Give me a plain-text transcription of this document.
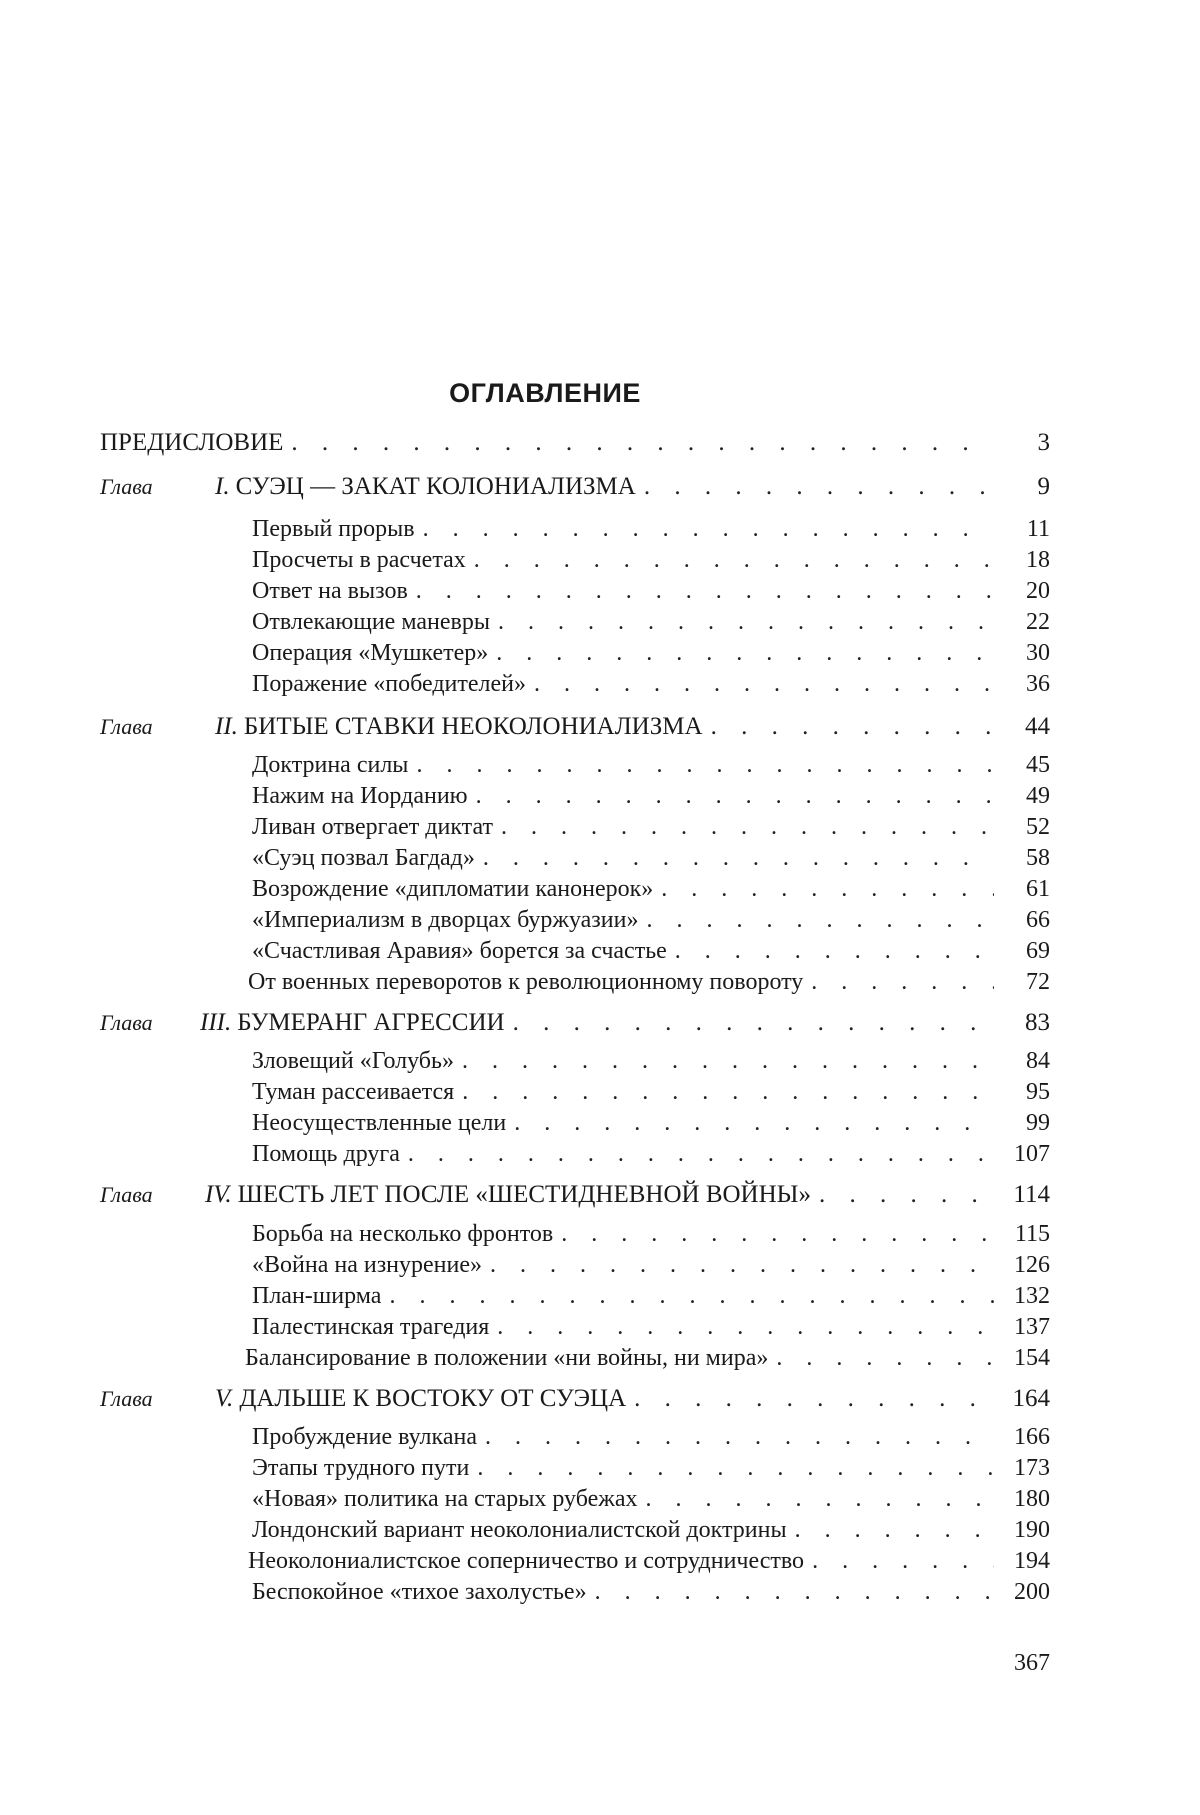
ОГЛАВЛЕНИЕ
ПРЕДИСЛОВИЕ . . .	3
Глава I. СУЭЦ — ЗАКАТ КОЛОНИАЛИЗМА . . .	9
Первый прорыв . . .	11
Просчеты в расчетах . . .	18
Ответ на вызов . . .	20
Отвлекающие маневры . . .	22
Операция «Мушкетер» . . .	30
Поражение «победителей» . . .	36
Глава II. БИТЫЕ СТАВКИ НЕОКОЛОНИАЛИЗМА . . .	44
Доктрина силы . . .	45
Нажим на Иорданию . . .	49
Ливан отвергает диктат . . .	52
«Суэц позвал Багдад» . . .	58
Возрождение «дипломатии канонерок» . . .	61
«Империализм в дворцах буржуазии» . . .	66
«Счастливая Аравия» борется за счастье . . .	69
От военных переворотов к революционному повороту . . .	72
Глава III. БУМЕРАНГ АГРЕССИИ . . .	83
Зловещий «Голубь» . . .	84
Туман рассеивается . . .	95
Неосуществленные цели . . .	99
Помощь друга . . .	107
Глава IV. ШЕСТЬ ЛЕТ ПОСЛЕ «ШЕСТИДНЕВНОЙ ВОЙНЫ» . . .	114
Борьба на несколько фронтов . . .	115
«Война на изнурение» . . .	126
План-ширма . . .	132
Палестинская трагедия . . .	137
Балансирование в положении «ни войны, ни мира» . . .	154
Глава V. ДАЛЬШЕ К ВОСТОКУ ОТ СУЭЦА . . .	164
Пробуждение вулкана . . .	166
Этапы трудного пути . . .	173
«Новая» политика на старых рубежах . . .	180
Лондонский вариант неоколониалистской доктрины . . .	190
Неоколониалистское соперничество и сотрудничество . . .	194
Беспокойное «тихое захолустье» . . .	200
367
